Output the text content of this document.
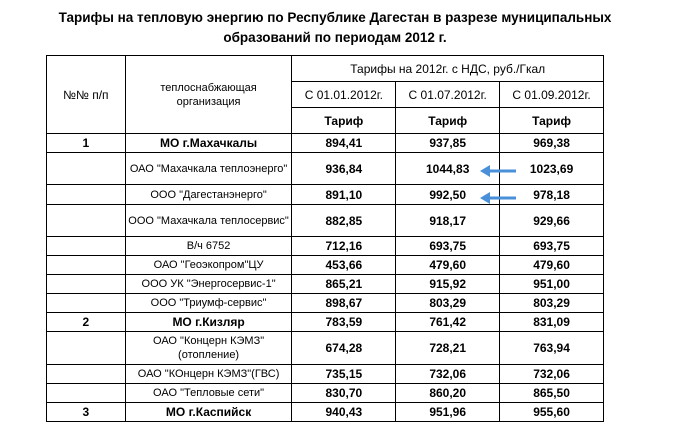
Тарифы на тепловую энергию по Республике Дагестан в разрезе муниципальных
образований по периодам 2012 г.
№№ п/п	теплоснабжающая организация	Тарифы на 2012г. с НДС, руб./Гкал		
		С 01.01.2012г.	С 01.07.2012г.	С 01.09.2012г.
		Тариф	Тариф	Тариф
1	МО г.Махачкалы	894,41	937,85	969,38
	ОАО "Махачкала теплоэнерго"	936,84	1044,83	1023,69
	ООО "Дагестанэнерго"	891,10	992,50	978,18
	ООО "Махачкала теплосервис"	882,85	918,17	929,66
	В/ч 6752	712,16	693,75	693,75
	ОАО "Геоэкопром"ЦУ	453,66	479,60	479,60
	ООО УК "Энергосервис-1"	865,21	915,92	951,00
	ООО "Триумф-сервис"	898,67	803,29	803,29
2	МО г.Кизляр	783,59	761,42	831,09
	ОАО "Концерн КЭМЗ"(отопление)	674,28	728,21	763,94
	ОАО "КОнцерн КЭМЗ"(ГВС)	735,15	732,06	732,06
	ОАО "Тепловые сети"	830,70	860,20	865,50
3	МО г.Каспийск	940,43	951,96	955,60
